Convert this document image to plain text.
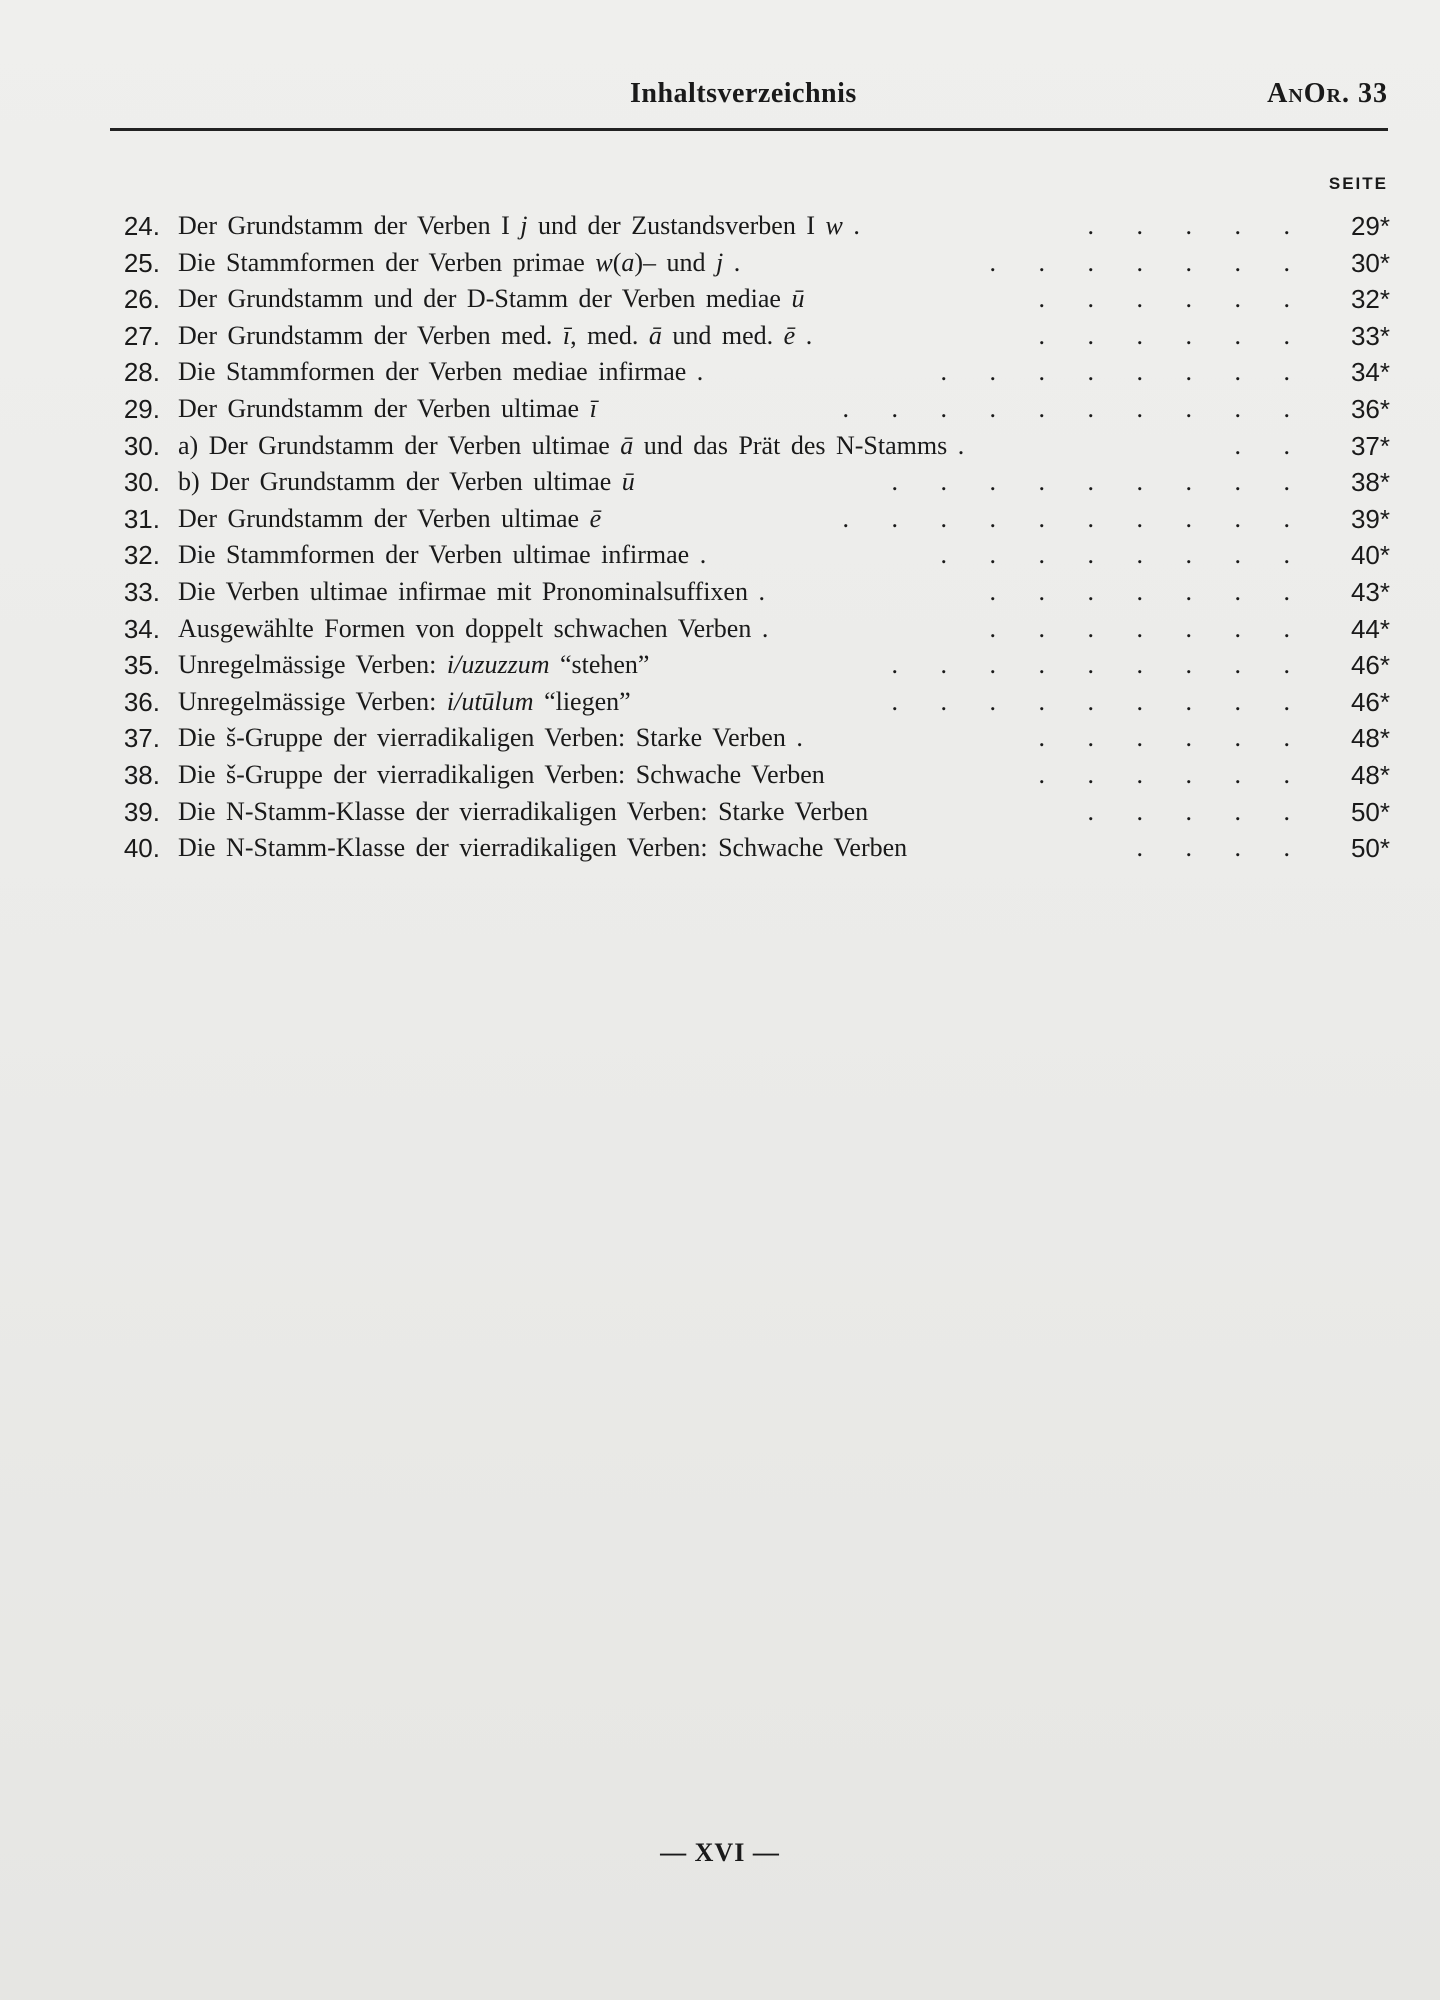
Inhaltsverzeichnis	AnOr. 33
SEITE
24. Der Grundstamm der Verben I j und der Zustandsverben I w .	. . . . .	29*
25. Die Stammformen der Verben primae w(a)– und j .	. . . . . . .	30*
26. Der Grundstamm und der D-Stamm der Verben mediae ū	. . . . . .	32*
27. Der Grundstamm der Verben med. ī, med. ā und med. ē .	. . . . . .	33*
28. Die Stammformen der Verben mediae infirmae .	. . . . . . . .	34*
29. Der Grundstamm der Verben ultimae ī	. . . . . . . . . .	36*
30. a) Der Grundstamm der Verben ultimae ā und das Prät des N-Stamms .	. .	37*
30. b) Der Grundstamm der Verben ultimae ū	. . . . . . . . .	38*
31. Der Grundstamm der Verben ultimae ē	. . . . . . . . . .	39*
32. Die Stammformen der Verben ultimae infirmae .	. . . . . . . .	40*
33. Die Verben ultimae infirmae mit Pronominalsuffixen .	. . . . . . .	43*
34. Ausgewählte Formen von doppelt schwachen Verben .	. . . . . . .	44*
35. Unregelmässige Verben: i/uzuzzum “stehen”	. . . . . . . . .	46*
36. Unregelmässige Verben: i/utūlum “liegen”	. . . . . . . . .	46*
37. Die š-Gruppe der vierradikaligen Verben: Starke Verben .	. . . . . .	48*
38. Die š-Gruppe der vierradikaligen Verben: Schwache Verben	. . . . . .	48*
39. Die N-Stamm-Klasse der vierradikaligen Verben: Starke Verben	. . . . .	50*
40. Die N-Stamm-Klasse der vierradikaligen Verben: Schwache Verben	. . . .	50*
— XVI —
